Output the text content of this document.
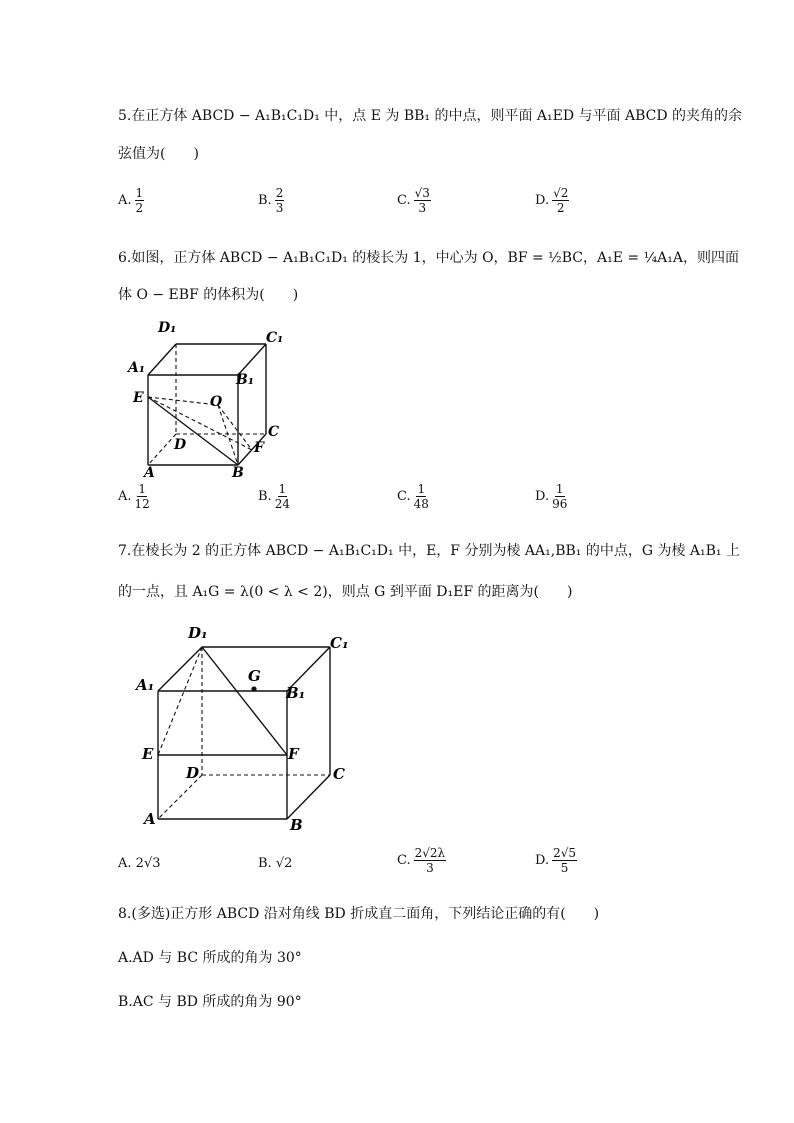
5.在正方体 ABCD − A₁B₁C₁D₁ 中，点 E 为 BB₁ 的中点，则平面 A₁ED 与平面 ABCD 的夹角的余
弦值为(　　)
A. $\frac{1}{2}$	B. $\frac{2}{3}$	C. $\frac{√3}{3}$	D. $\frac{√2}{2}$
6.如图，正方体 ABCD − A₁B₁C₁D₁ 的棱长为 1，中心为 O，BF = ½BC，A₁E = ¼A₁A，则四面
体 O − EBF 的体积为(　　)
D₁
C₁
A₁
B₁
E	O
D
C
F
A	B
A. $\frac{1}{12}$	B. $\frac{1}{24}$	C. $\frac{1}{48}$	D. $\frac{1}{96}$
7.在棱长为 2 的正方体 ABCD − A₁B₁C₁D₁ 中，E，F 分别为棱 AA₁,BB₁ 的中点，G 为棱 A₁B₁ 上
的一点，且 A₁G = λ(0 < λ < 2)，则点 G 到平面 D₁EF 的距离为(　　)
D₁
C₁
A₁	G
B₁
E	F
D	C
A	B
A.
2√3	B.
√2	C. $\frac{2√2\lambda}{3}$	D. $\frac{2√5}{5}$
8.(多选)正方形 ABCD 沿对角线 BD 折成直二面角，下列结论正确的有(　　)
A.AD 与 BC 所成的角为 30°
B.AC 与 BD 所成的角为 90°
